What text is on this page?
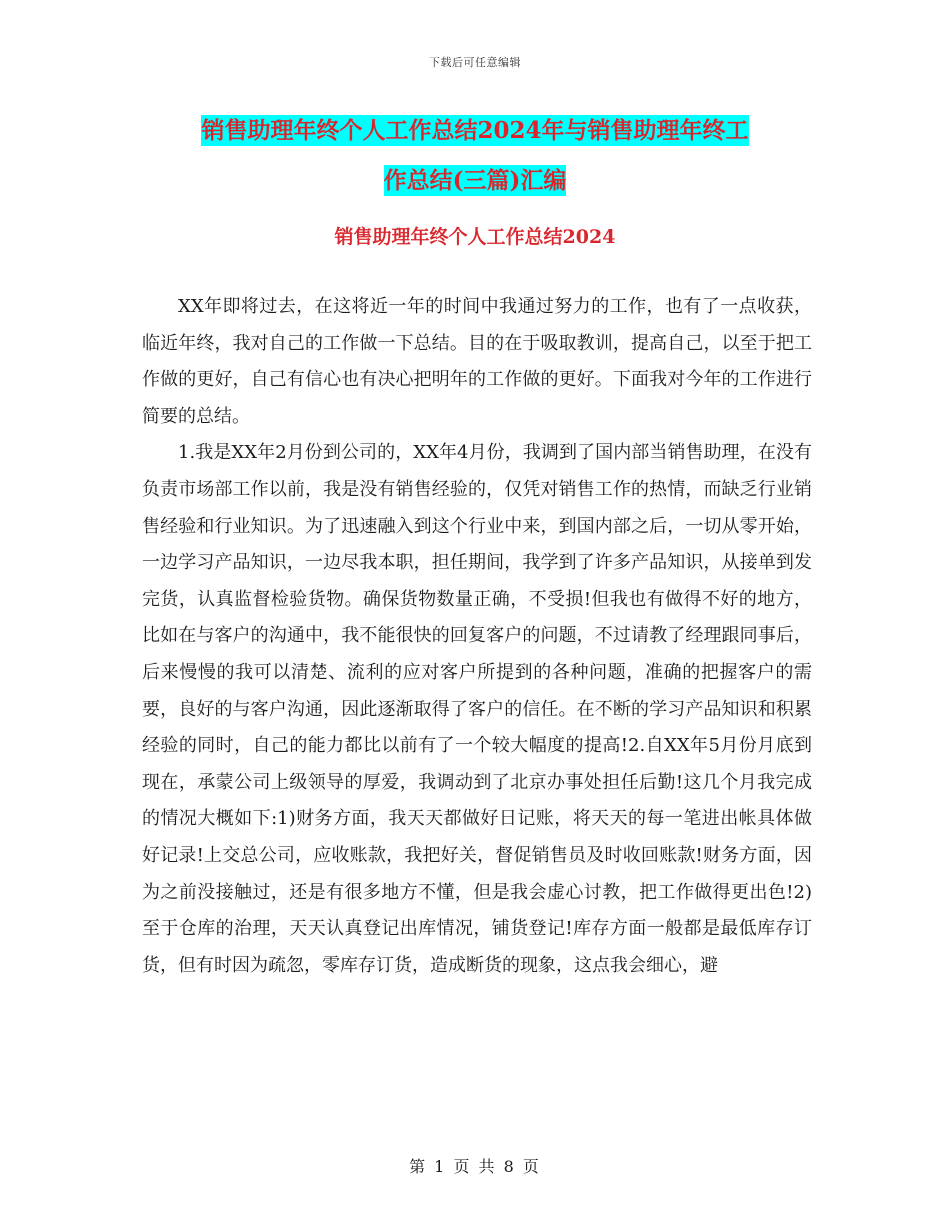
下载后可任意编辑
销售助理年终个人工作总结2024年与销售助理年终工
作总结(三篇)汇编
销售助理年终个人工作总结2024

XX年即将过去，在这将近一年的时间中我通过努力的工作，也有了一点收获，临近年终，我对自己的工作做一下总结。目的在于吸取教训，提高自己，以至于把工作做的更好，自己有信心也有决心把明年的工作做的更好。下面我对今年的工作进行简要的总结。

1.我是XX年2月份到公司的，XX年4月份，我调到了国内部当销售助理，在没有负责市场部工作以前，我是没有销售经验的，仅凭对销售工作的热情，而缺乏行业销售经验和行业知识。为了迅速融入到这个行业中来，到国内部之后，一切从零开始，一边学习产品知识，一边尽我本职，担任期间，我学到了许多产品知识，从接单到发完货，认真监督检验货物。确保货物数量正确，不受损!但我也有做得不好的地方，比如在与客户的沟通中，我不能很快的回复客户的问题，不过请教了经理跟同事后，后来慢慢的我可以清楚、流利的应对客户所提到的各种问题，准确的把握客户的需要，良好的与客户沟通，因此逐渐取得了客户的信任。在不断的学习产品知识和积累经验的同时，自己的能力都比以前有了一个较大幅度的提高!2.自XX年5月份月底到现在，承蒙公司上级领导的厚爱，我调动到了北京办事处担任后勤!这几个月我完成的情况大概如下:1)财务方面，我天天都做好日记账，将天天的每一笔进出帐具体做好记录!上交总公司，应收账款，我把好关，督促销售员及时收回账款!财务方面，因为之前没接触过，还是有很多地方不懂，但是我会虚心讨教，把工作做得更出色!2)至于仓库的治理，天天认真登记出库情况，铺货登记!库存方面一般都是最低库存订货，但有时因为疏忽，零库存订货，造成断货的现象，这点我会细心，避

第 1 页 共 8 页
